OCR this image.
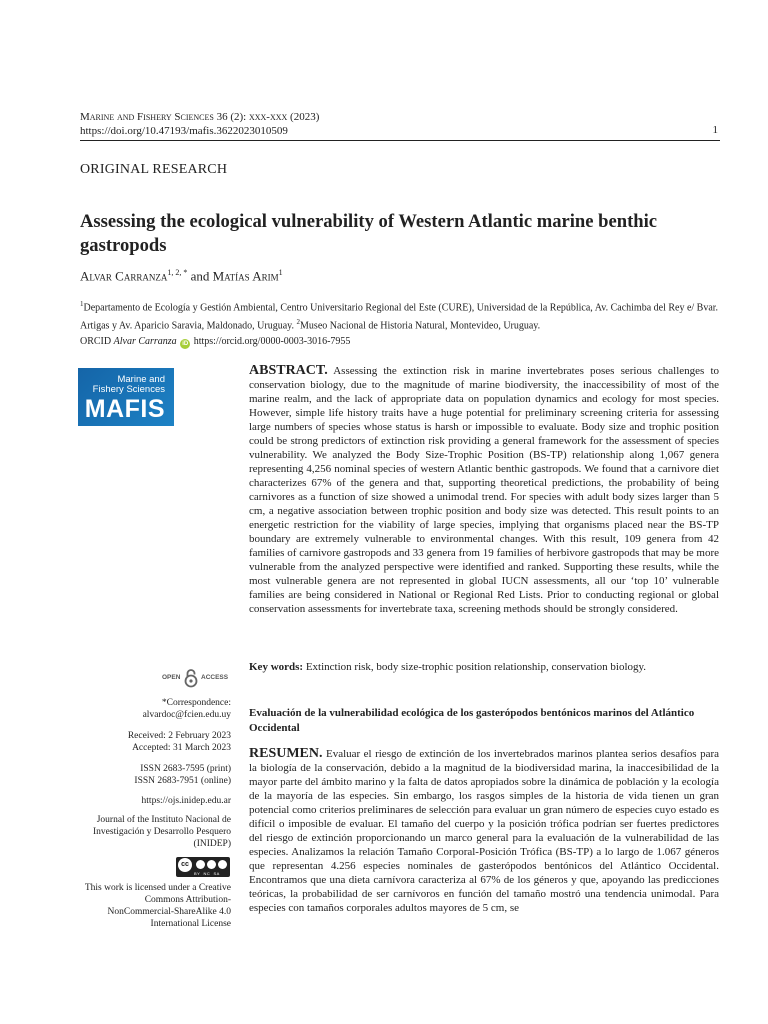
Marine and Fishery Sciences 36 (2): xxx-xxx (2023)
https://doi.org/10.47193/mafis.3622023010509	1
ORIGINAL RESEARCH
Assessing the ecological vulnerability of Western Atlantic marine benthic gastropods
Alvar Carranza$^{1, 2, *}$ and Matías Arim$^1$
$^1$Departamento de Ecología y Gestión Ambiental, Centro Universitario Regional del Este (CURE), Universidad de la República, Av. Cachimba del Rey e/ Bvar. Artigas y Av. Aparicio Saravia, Maldonado, Uruguay. $^2$Museo Nacional de Historia Natural, Montevideo, Uruguay.
ORCID Alvar Carranza iD https://orcid.org/0000-0003-3016-7955
Marine and
Fishery Sciences
MAFIS
ABSTRACT. Assessing the extinction risk in marine invertebrates poses serious challenges to conservation biology, due to the magnitude of marine biodiversity, the inaccessibility of most of the marine realm, and the lack of appropriate data on population dynamics and ecology for most species. However, simple life history traits have a huge potential for preliminary screening criteria for assessing large numbers of species whose status is harsh or impossible to evaluate. Body size and trophic position could be strong predictors of extinction risk providing a general framework for the assessment of species vulnerability. We analyzed the Body Size-Trophic Position (BS-TP) relationship along 1,067 genera representing 4,256 nominal species of western Atlantic benthic gastropods. We found that a carnivore diet characterizes 67% of the genera and that, supporting theoretical predictions, the probability of being carnivores as a function of size showed a unimodal trend. For species with adult body sizes larger than 5 cm, a negative association between trophic position and body size was detected. This result points to an energetic restriction for the viability of large species, implying that organisms placed near the BS-TP boundary are extremely vulnerable to environmental changes. With this result, 109 genera from 42 families of carnivore gastropods and 33 genera from 19 families of herbivore gastropods that may be more vulnerable from the analyzed perspective were identified and ranked. Supporting these results, while the most vulnerable genera are not represented in global IUCN assessments, all our ‘top 10’ vulnerable families are being considered in National or Regional Red Lists. Prior to conducting regional or global conservation assessments for invertebrate taxa, screening methods should be strongly considered.
Key words: Extinction risk, body size-trophic position relationship, conservation biology.
OPEN	ACCESS
*Correspondence:
alvardoc@fcien.edu.uy
Received: 2 February 2023
Accepted: 31 March 2023
ISSN 2683-7595 (print)
ISSN 2683-7951 (online)
https://ojs.inidep.edu.ar
Journal of the Instituto Nacional de
Investigación y Desarrollo Pesquero
(INIDEP)
cc
BY  NC  SA
This work is licensed under a Creative
Commons Attribution-
NonCommercial-ShareAlike 4.0
International License
Evaluación de la vulnerabilidad ecológica de los gasterópodos bentónicos marinos del Atlántico Occidental
RESUMEN. Evaluar el riesgo de extinción de los invertebrados marinos plantea serios desafíos para la biología de la conservación, debido a la magnitud de la biodiversidad marina, la inaccesibilidad de la mayor parte del ámbito marino y la falta de datos apropiados sobre la dinámica de población y la ecología de la mayoría de las especies. Sin embargo, los rasgos simples de la historia de vida tienen un gran potencial como criterios preliminares de selección para evaluar un gran número de especies cuyo estado es difícil o imposible de evaluar. El tamaño del cuerpo y la posición trófica podrían ser fuertes predictores del riesgo de extinción proporcionando un marco general para la evaluación de la vulnerabilidad de las especies. Analizamos la relación Tamaño Corporal-Posición Trófica (BS-TP) a lo largo de 1.067 géneros que representan 4.256 especies nominales de gasterópodos bentónicos del Atlántico Occidental. Encontramos que una dieta carnívora caracteriza al 67% de los géneros y que, apoyando las predicciones teóricas, la probabilidad de ser carnívoros en función del tamaño mostró una tendencia unimodal. Para especies con tamaños corporales adultos mayores de 5 cm, se
